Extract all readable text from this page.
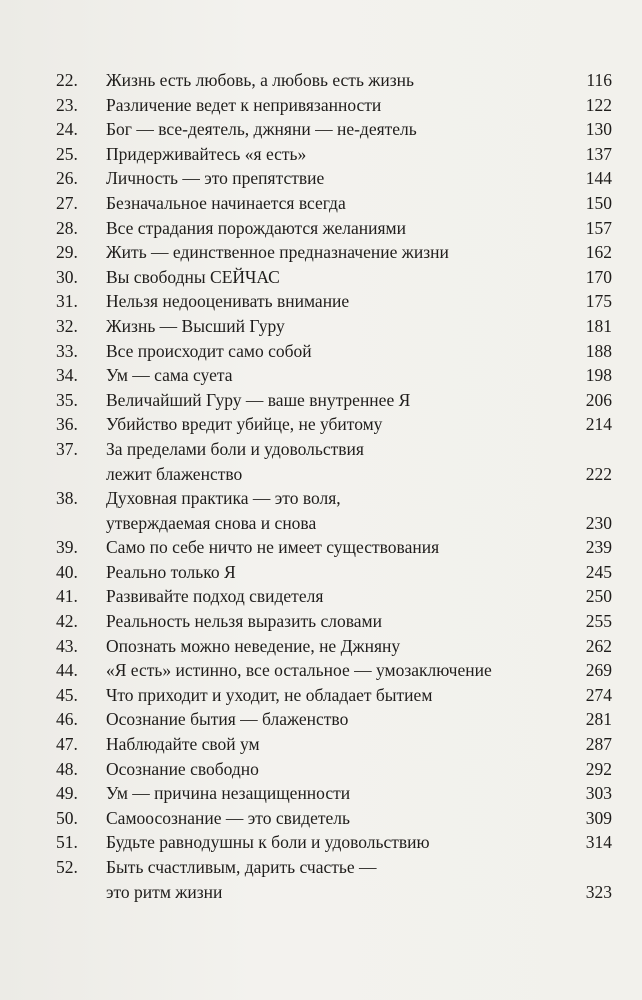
22.	Жизнь есть любовь, а любовь есть жизнь	116
23.	Различение ведет к непривязанности	122
24.	Бог — все-деятель, джняни — не-деятель	130
25.	Придерживайтесь «я есть»	137
26.	Личность — это препятствие	144
27.	Безначальное начинается всегда	150
28.	Все страдания порождаются желаниями	157
29.	Жить — единственное предназначение жизни	162
30.	Вы свободны СЕЙЧАС	170
31.	Нельзя недооценивать внимание	175
32.	Жизнь — Высший Гуру	181
33.	Все происходит само собой	188
34.	Ум — сама суета	198
35.	Величайший Гуру — ваше внутреннее Я	206
36.	Убийство вредит убийце, не убитому	214
37.	За пределами боли и удовольствия
лежит блаженство	222
38.	Духовная практика — это воля,
утверждаемая снова и снова	230
39.	Само по себе ничто не имеет существования	239
40.	Реально только Я	245
41.	Развивайте подход свидетеля	250
42.	Реальность нельзя выразить словами	255
43.	Опознать можно неведение, не Джняну	262
44.	«Я есть» истинно, все остальное — умозаключение	269
45.	Что приходит и уходит, не обладает бытием	274
46.	Осознание бытия — блаженство	281
47.	Наблюдайте свой ум	287
48.	Осознание свободно	292
49.	Ум — причина незащищенности	303
50.	Самоосознание — это свидетель	309
51.	Будьте равнодушны к боли и удовольствию	314
52.	Быть счастливым, дарить счастье —
это ритм жизни	323
